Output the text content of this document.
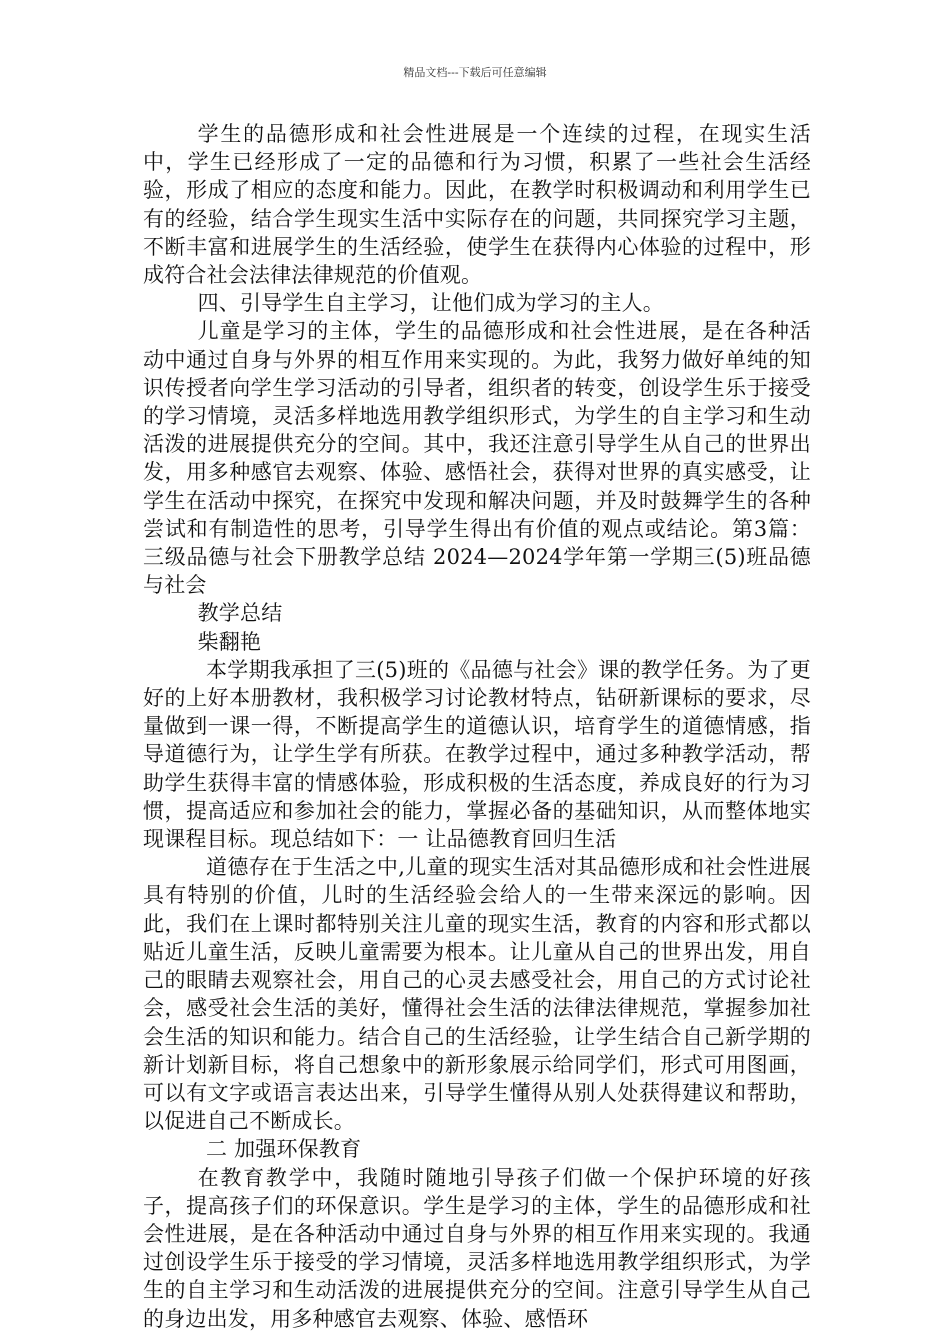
精品文档---下载后可任意编辑

学生的品德形成和社会性进展是一个连续的过程，在现实生活中，学生已经形成了一定的品德和行为习惯，积累了一些社会生活经验，形成了相应的态度和能力。因此，在教学时积极调动和利用学生已有的经验，结合学生现实生活中实际存在的问题，共同探究学习主题，不断丰富和进展学生的生活经验，使学生在获得内心体验的过程中，形成符合社会法律法律规范的价值观。

四、引导学生自主学习，让他们成为学习的主人。

儿童是学习的主体，学生的品德形成和社会性进展，是在各种活动中通过自身与外界的相互作用来实现的。为此，我努力做好单纯的知识传授者向学生学习活动的引导者，组织者的转变，创设学生乐于接受的学习情境，灵活多样地选用教学组织形式，为学生的自主学习和生动活泼的进展提供充分的空间。其中，我还注意引导学生从自己的世界出发，用多种感官去观察、体验、感悟社会，获得对世界的真实感受，让学生在活动中探究，在探究中发现和解决问题，并及时鼓舞学生的各种尝试和有制造性的思考，引导学生得出有价值的观点或结论。第3篇：三级品德与社会下册教学总结 2024—2024学年第一学期三(5)班品德与社会

教学总结

柴翻艳

本学期我承担了三(5)班的《品德与社会》课的教学任务。为了更好的上好本册教材，我积极学习讨论教材特点，钻研新课标的要求，尽量做到一课一得，不断提高学生的道德认识，培育学生的道德情感，指导道德行为，让学生学有所获。在教学过程中，通过多种教学活动，帮助学生获得丰富的情感体验，形成积极的生活态度，养成良好的行为习惯，提高适应和参加社会的能力，掌握必备的基础知识，从而整体地实现课程目标。现总结如下：一 让品德教育回归生活

道德存在于生活之中,儿童的现实生活对其品德形成和社会性进展具有特别的价值，儿时的生活经验会给人的一生带来深远的影响。因此，我们在上课时都特别关注儿童的现实生活，教育的内容和形式都以贴近儿童生活，反映儿童需要为根本。让儿童从自己的世界出发，用自己的眼睛去观察社会，用自己的心灵去感受社会，用自己的方式讨论社会，感受社会生活的美好，懂得社会生活的法律法律规范，掌握参加社会生活的知识和能力。结合自己的生活经验，让学生结合自己新学期的新计划新目标，将自己想象中的新形象展示给同学们，形式可用图画，可以有文字或语言表达出来，引导学生懂得从别人处获得建议和帮助，以促进自己不断成长。

二 加强环保教育

在教育教学中，我随时随地引导孩子们做一个保护环境的好孩子，提高孩子们的环保意识。学生是学习的主体，学生的品德形成和社会性进展，是在各种活动中通过自身与外界的相互作用来实现的。我通过创设学生乐于接受的学习情境，灵活多样地选用教学组织形式，为学生的自主学习和生动活泼的进展提供充分的空间。注意引导学生从自己的身边出发，用多种感官去观察、体验、感悟环
